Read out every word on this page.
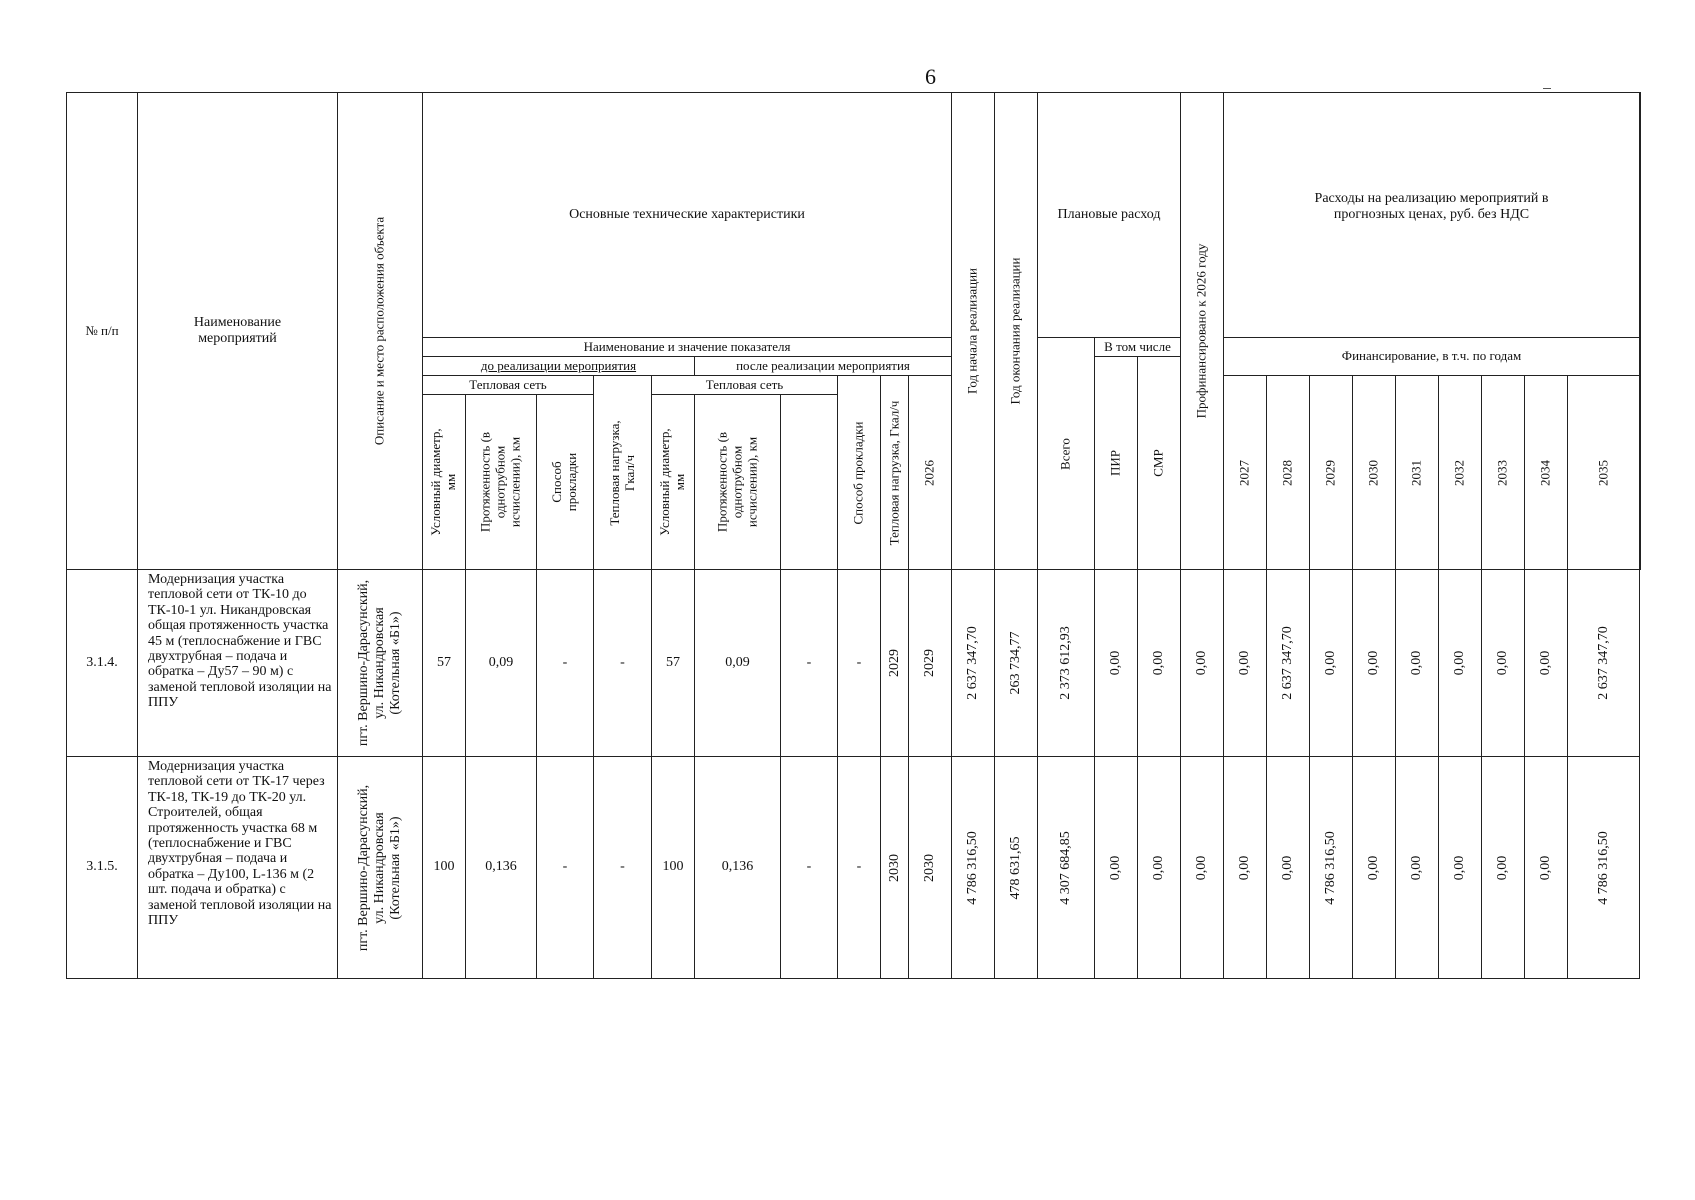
6
№ п/п	Наименование мероприятий	Описание и место расположения объекта	Основные технические характеристики										Год начала реализации	Год окончания реализации	Плановые расход			Профинансировано к 2026 году	Расходы на реализацию мероприятий в прогнозных ценах, руб. без НДС

			Наименование и значение показателя												Всего	В том числе			Финансирование, в т.ч. по годам	

			до реализации мероприятия					после реализации мероприятия								ПИР	СМР											

			Тепловая сеть			Тепловая нагрузка, Гкал/ч	Тепловая сеть			Способ прокладки	Тепловая нагрузка, Гкал/ч	2026							2027	2028	2029	2030	2031	2032	2033	2034	2035	

			Условный диаметр, мм	Протяженность (в однотрубном исчислении), км	Способ прокладки		Условный диаметр, мм	Протяженность (в однотрубном исчислении), км																				

3.1.4.	Модернизация участка тепловой сети от ТК-10 до ТК-10-1 ул. Никандровская общая протяженность участка 45 м (теплоснабжение и ГВС двухтрубная – подача и обратка – Ду57 – 90 м) с заменой тепловой изоляции на ППУ	пгт. Вершино-Дарасунский, ул. Никандровская (Котельная «Б1»)	57	0,09	-	-	57	0,09	-	-	2029	2029	2 637 347,70	263 734,77	2 373 612,93	0,00	0,00	0,00	0,00	2 637 347,70	0,00	0,00	0,00	0,00	0,00	0,00	2 637 347,70	

3.1.5.	Модернизация участка тепловой сети от ТК-17 через ТК-18, ТК-19 до ТК-20 ул. Строителей, общая протяженность участка 68 м (теплоснабжение и ГВС двухтрубная – подача и обратка – Ду100, L-136 м (2 шт. подача и обратка) с заменой тепловой изоляции на ППУ	пгт. Вершино-Дарасунский, ул. Никандровская (Котельная «Б1»)	100	0,136	-	-	100	0,136	-	-	2030	2030	4 786 316,50	478 631,65	4 307 684,85	0,00	0,00	0,00	0,00	0,00	4 786 316,50	0,00	0,00	0,00	0,00	0,00	4 786 316,50	
